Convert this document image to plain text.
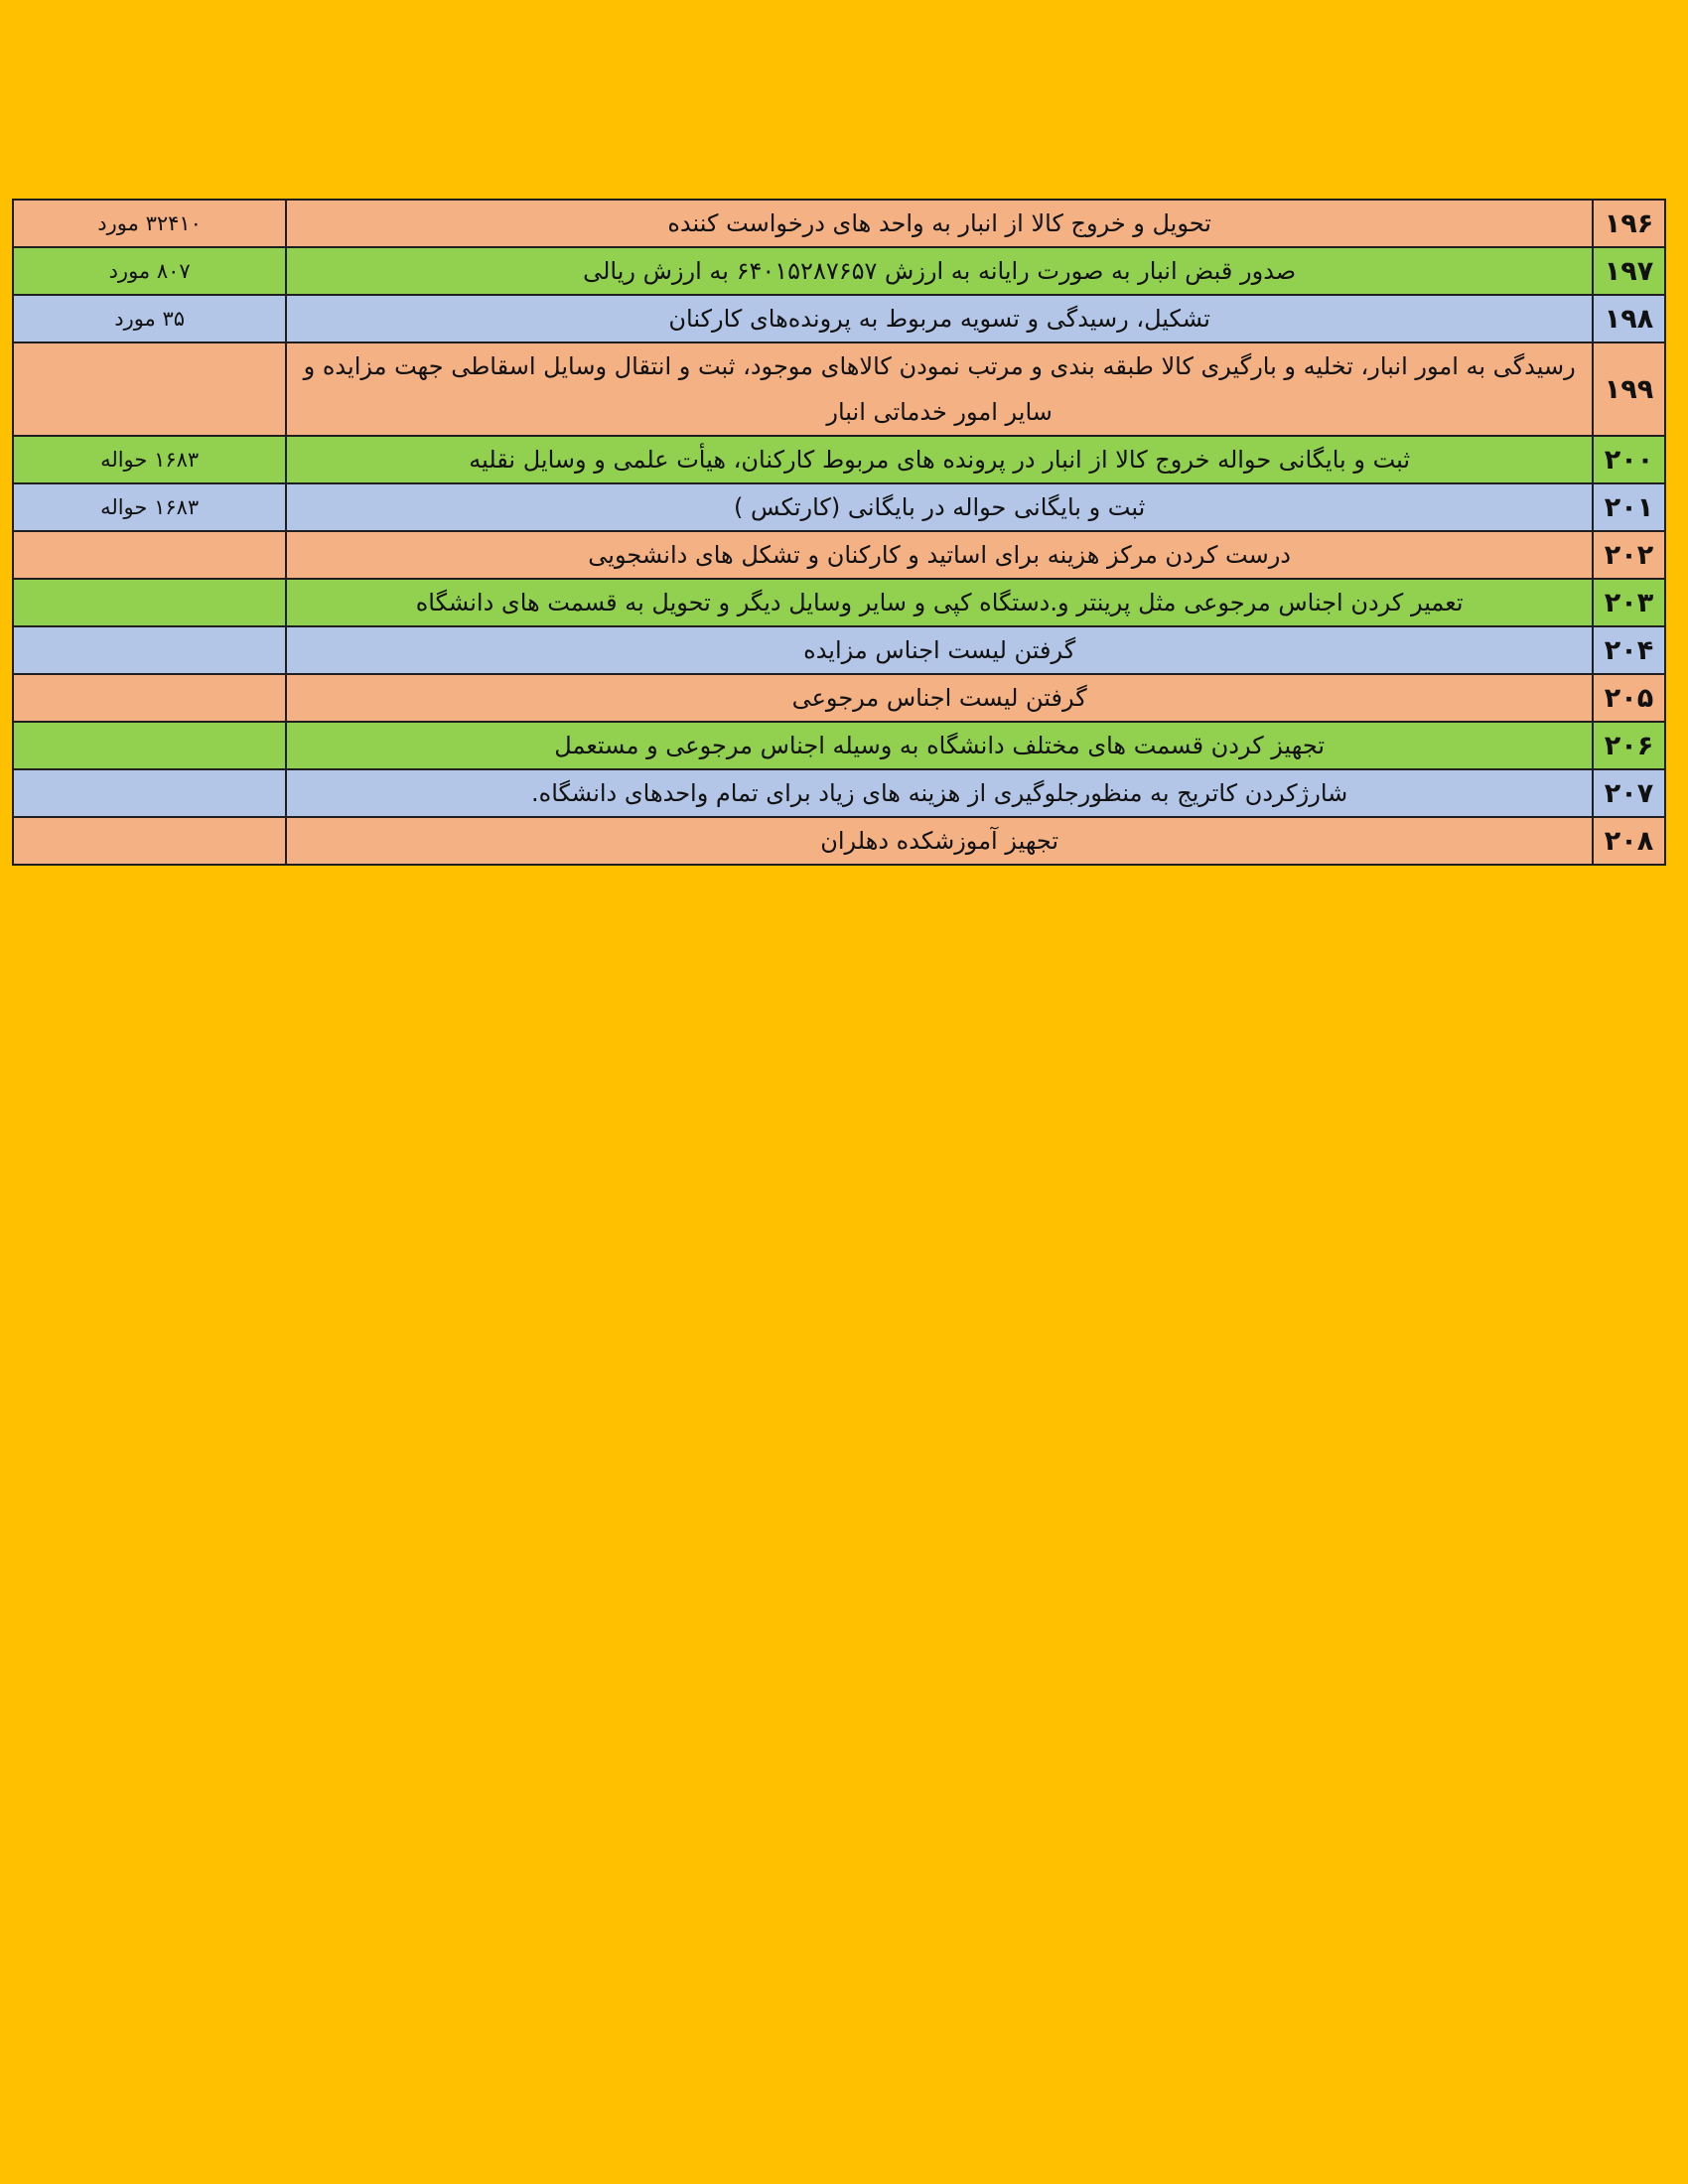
۱۹۶	تحویل و خروج کالا از انبار به واحد های درخواست کننده	۳۲۴۱۰ مورد
۱۹۷	صدور قبض انبار به صورت رایانه به ارزش ۶۴۰۱۵۲۸۷۶۵۷ به ارزش ریالی	۸۰۷ مورد
۱۹۸	تشکیل، رسیدگی و تسویه مربوط به پرونده‌های کارکنان	۳۵ مورد
۱۹۹	رسیدگی به امور انبار، تخلیه و بارگیری کالا طبقه بندی و مرتب نمودن کالاهای موجود، ثبت و انتقال وسایل اسقاطی جهت مزایده و سایر امور خدماتی انبار	
۲۰۰	ثبت و بایگانی حواله خروج کالا از انبار در پرونده های مربوط کارکنان، هیأت علمی و وسایل نقلیه	۱۶۸۳ حواله
۲۰۱	ثبت و بایگانی حواله در بایگانی (کارتکس )	۱۶۸۳ حواله
۲۰۲	درست کردن مرکز هزینه برای اساتید و کارکنان و تشکل های دانشجویی	
۲۰۳	تعمیر کردن اجناس مرجوعی مثل پرینتر و.دستگاه کپی و سایر وسایل دیگر و تحویل به قسمت های دانشگاه	
۲۰۴	گرفتن لیست اجناس مزایده	
۲۰۵	گرفتن لیست اجناس مرجوعی	
۲۰۶	تجهیز کردن قسمت های مختلف دانشگاه به وسیله اجناس مرجوعی و مستعمل	
۲۰۷	شارژکردن کاتریج به منظورجلوگیری از هزینه های زیاد برای تمام واحدهای دانشگاه.	
۲۰۸	تجهیز آموزشکده دهلران	
